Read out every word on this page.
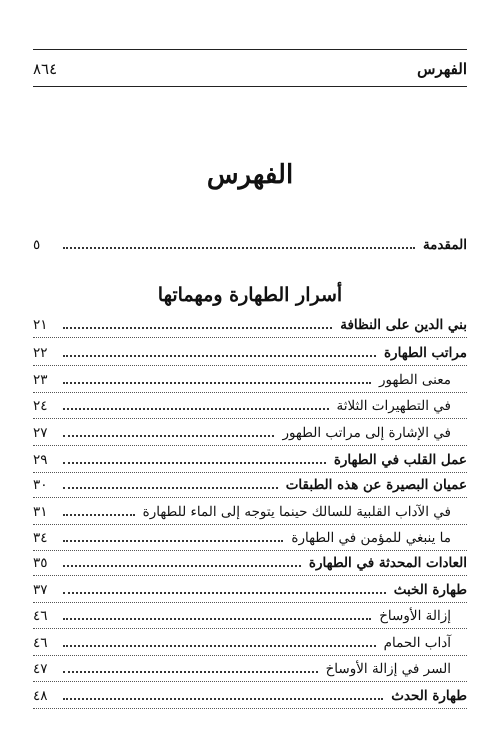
الفهرس
٨٦٤
الفهرس
المقدمة
٥
أسرار الطهارة ومهماتها
بني الدين على النظافة
٢١
مراتب الطهارة
٢٢
معنى الطهور
٢٣
في التطهيرات الثلاثة
٢٤
في الإشارة إلى مراتب الطهور
٢٧
عمل القلب في الطهارة
٢٩
عميان البصيرة عن هذه الطبقات
٣٠
في الآداب القلبية للسالك حينما يتوجه إلى الماء للطهارة
٣١
ما ينبغي للمؤمن في الطهارة
٣٤
العادات المحدثة في الطهارة
٣٥
طهارة الخبث
٣٧
إزالة الأوساخ
٤٦
آداب الحمام
٤٦
السر في إزالة الأوساخ
٤٧
طهارة الحدث
٤٨
